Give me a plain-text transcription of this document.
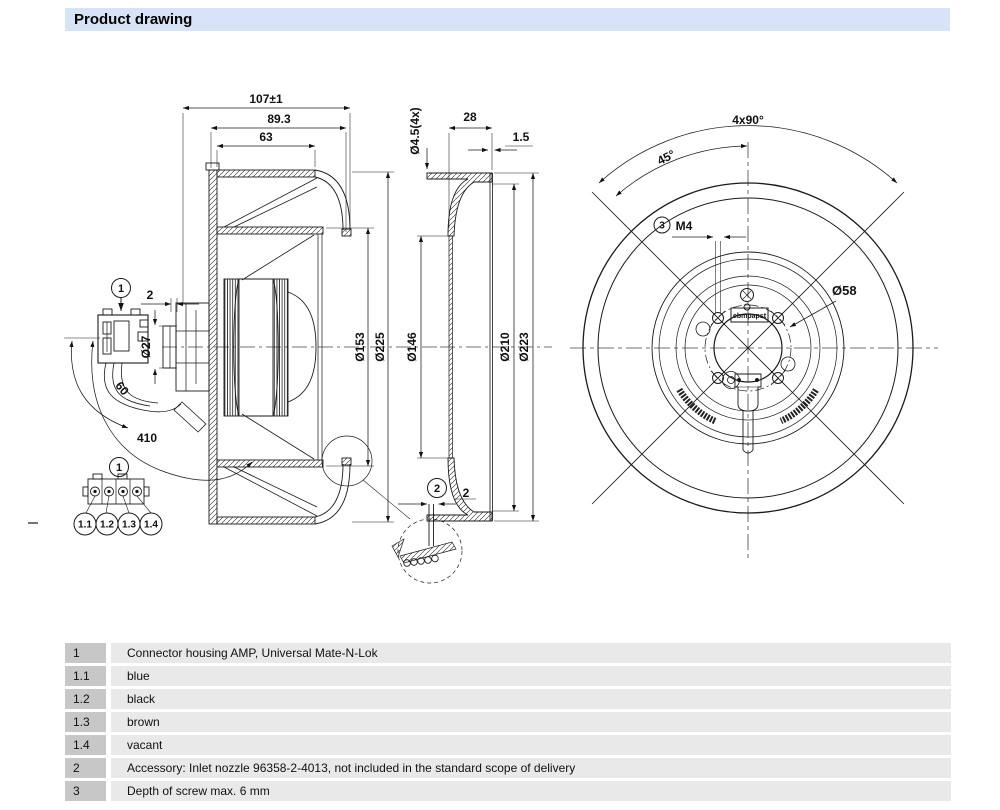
Product drawing
1
107±1
89.3
63
2
Ø27
60
410
Ø153 Ø225
1
1.1 1.2 1.3 1.4
2 2
Ø4.5(4x)	28
1.5
Ø146	Ø210 Ø223
ebmpapst
3 M4
4x90°
45°
Ø58
1	Connector housing AMP, Universal Mate-N-Lok
1.1	blue
1.2	black
1.3	brown
1.4	vacant
2	Accessory: Inlet nozzle 96358-2-4013, not included in the standard scope of delivery
3	Depth of screw max. 6 mm
